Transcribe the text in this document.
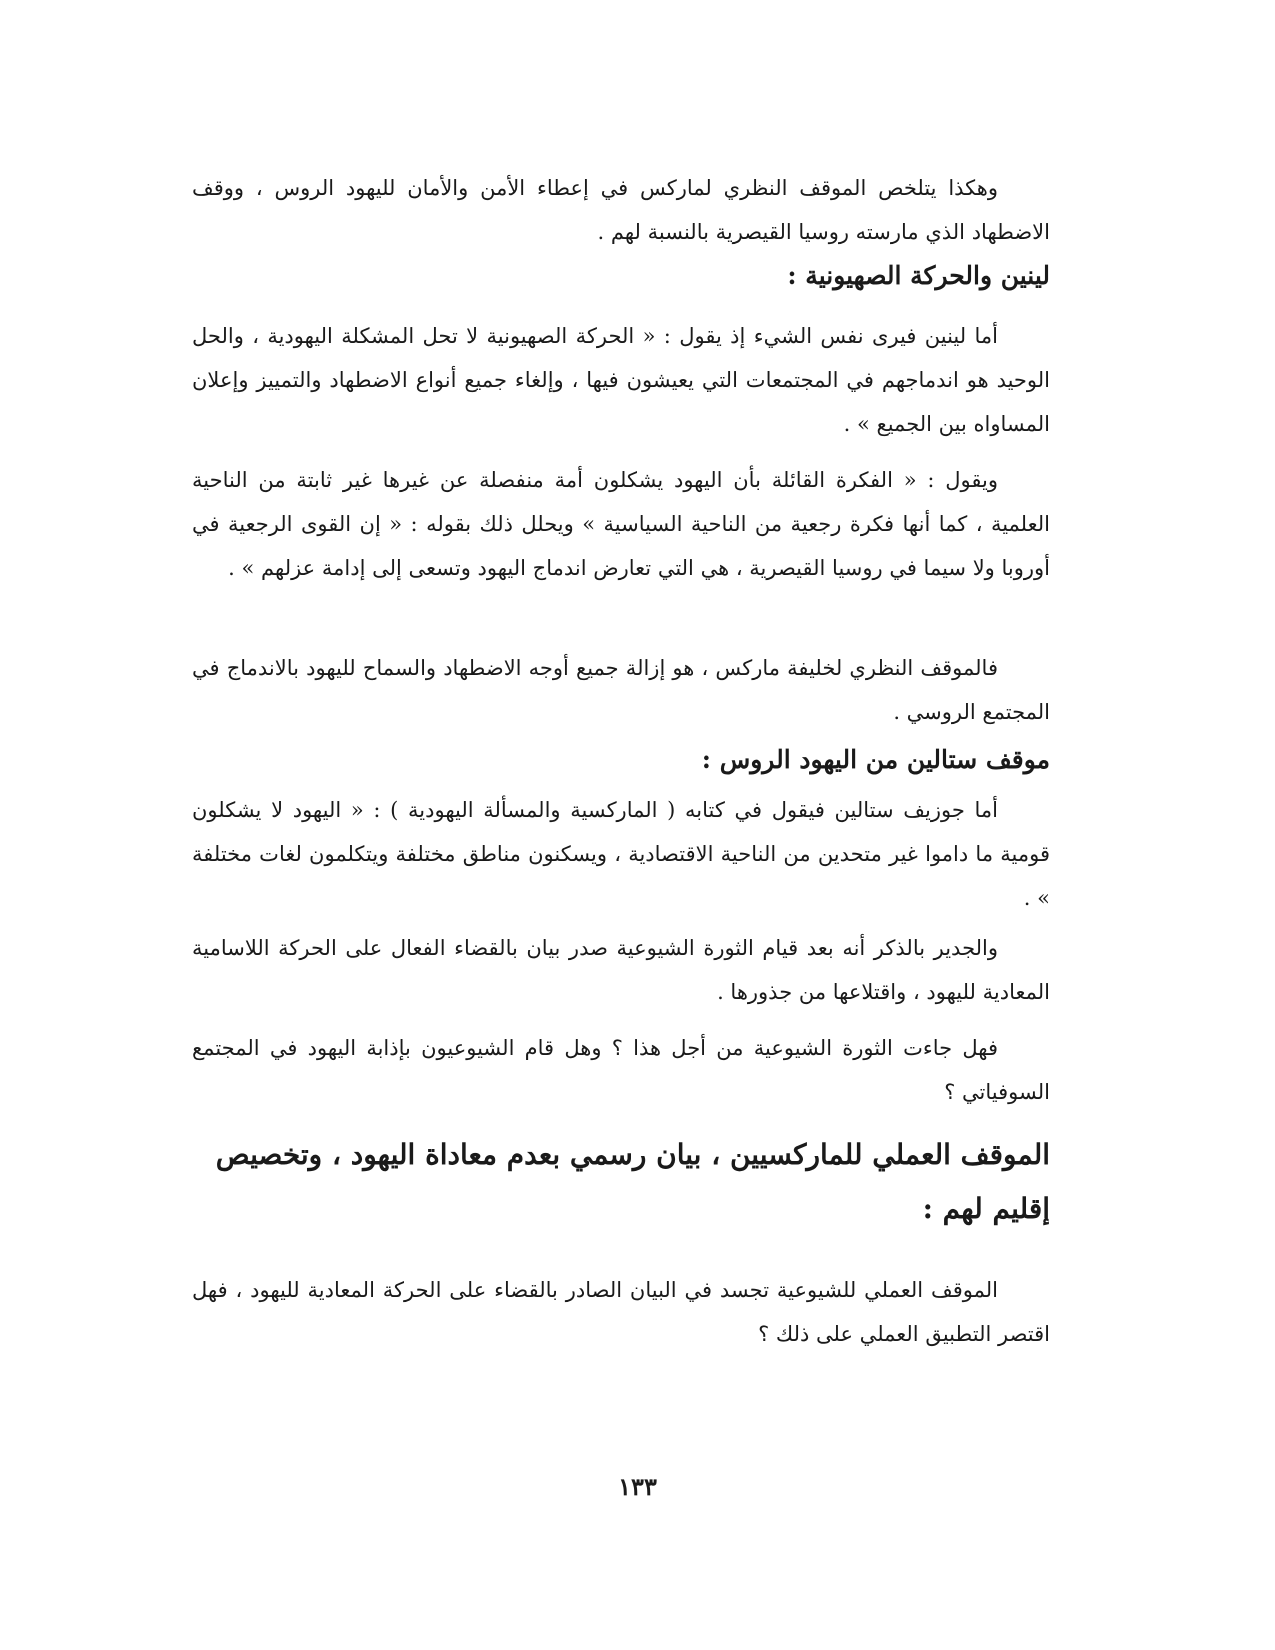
وهكذا يتلخص الموقف النظري لماركس في إعطاء الأمن والأمان لليهود الروس ، ووقف الاضطهاد الذي مارسته روسيا القيصرية بالنسبة لهم .

لينين والحركة الصهيونية :

أما لينين فيرى نفس الشيء إذ يقول : « الحركة الصهيونية لا تحل المشكلة اليهودية ، والحل الوحيد هو اندماجهم في المجتمعات التي يعيشون فيها ، وإلغاء جميع أنواع الاضطهاد والتمييز وإعلان المساواه بين الجميع » .

ويقول : « الفكرة القائلة بأن اليهود يشكلون أمة منفصلة عن غيرها غير ثابتة من الناحية العلمية ، كما أنها فكرة رجعية من الناحية السياسية » ويحلل ذلك بقوله : « إن القوى الرجعية في أوروبا ولا سيما في روسيا القيصرية ، هي التي تعارض اندماج اليهود وتسعى إلى إدامة عزلهم » .

فالموقف النظري لخليفة ماركس ، هو إزالة جميع أوجه الاضطهاد والسماح لليهود بالاندماج في المجتمع الروسي .

موقف ستالين من اليهود الروس :

أما جوزيف ستالين فيقول في كتابه ( الماركسية والمسألة اليهودية ) : « اليهود لا يشكلون قومية ما داموا غير متحدين من الناحية الاقتصادية ، ويسكنون مناطق مختلفة ويتكلمون لغات مختلفة » .

والجدير بالذكر أنه بعد قيام الثورة الشيوعية صدر بيان بالقضاء الفعال على الحركة اللاسامية المعادية لليهود ، واقتلاعها من جذورها .

فهل جاءت الثورة الشيوعية من أجل هذا ؟ وهل قام الشيوعيون بإذابة اليهود في المجتمع السوفياتي ؟

الموقف العملي للماركسيين ، بيان رسمي بعدم معاداة اليهود ، وتخصيص إقليم لهم :

الموقف العملي للشيوعية تجسد في البيان الصادر بالقضاء على الحركة المعادية لليهود ، فهل اقتصر التطبيق العملي على ذلك ؟

١٣٣
